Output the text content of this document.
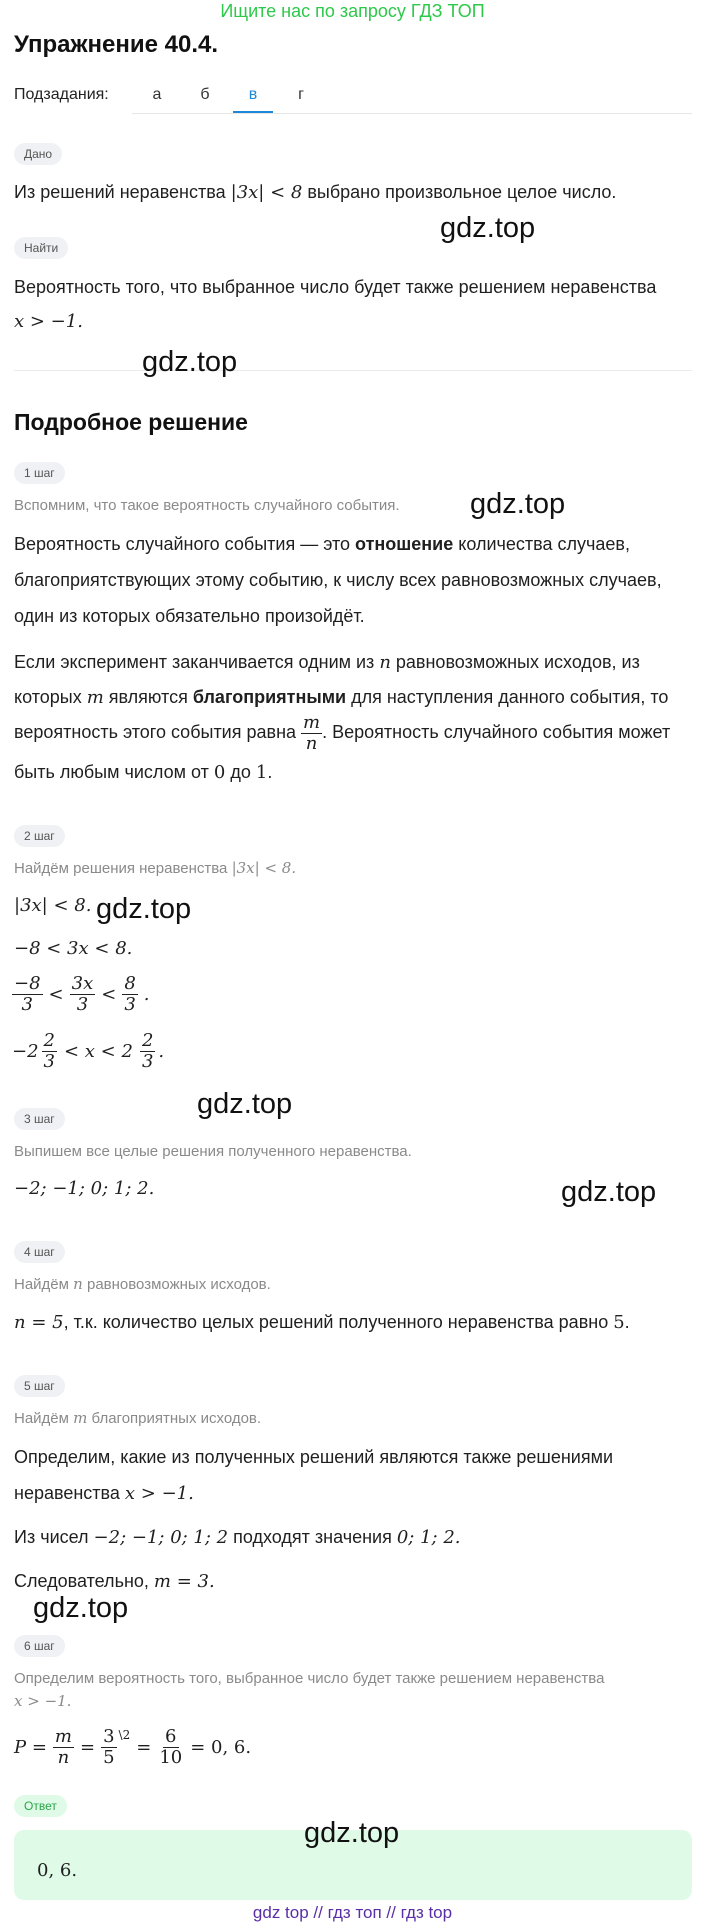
Ищите нас по запросу ГДЗ ТОП
Упражнение 40.4.
Подзадания:	а	б	в	г
Дано
Из решений неравенства |3x| < 8 выбрано произвольное целое число.
Найти
Вероятность того, что выбранное число будет также решением неравенства
x > −1.
Подробное решение
1 шаг
Вспомним, что такое вероятность случайного события.
Вероятность случайного события — это отношение количества случаев,
благоприятствующих этому событию, к числу всех равновозможных случаев,
один из которых обязательно произойдёт.
Если эксперимент заканчивается одним из n равновозможных исходов, из
которых m являются благоприятными для наступления данного события, то
вероятность этого события равна $\frac{m}{n}$ . Вероятность случайного события может
быть любым числом от 0 до 1.
2 шаг
Найдём решения неравенства |3x| < 8.
|3x| < 8.
−8 < 3x < 8.
$\frac{-8}{3} < \frac{3x}{3} < \frac{8}{3}$ .
$-2 \frac{2}{3} < x < 2 \frac{2}{3}$ .
3 шаг
Выпишем все целые решения полученного неравенства.
−2; −1; 0; 1; 2.
4 шаг
Найдём n равновозможных исходов.
n = 5, т.к. количество целых решений полученного неравенства равно 5.
5 шаг
Найдём m благоприятных исходов.
Определим, какие из полученных решений являются также решениями
неравенства x > −1.
Из чисел −2; −1; 0; 1; 2 подходят значения 0; 1; 2.
Следовательно, m = 3.
6 шаг
Определим вероятность того, выбранное число будет также решением неравенства
x > −1.
$P = \frac{m}{n} = \frac{3}{5}$ \2
= $\frac{6}{10} = 0$, 6.
Ответ
0, 6.
gdz.top
gdz.top
gdz.top
gdz.top
gdz.top
gdz.top
gdz.top
gdz.top
gdz top // гдз топ // гдз top
